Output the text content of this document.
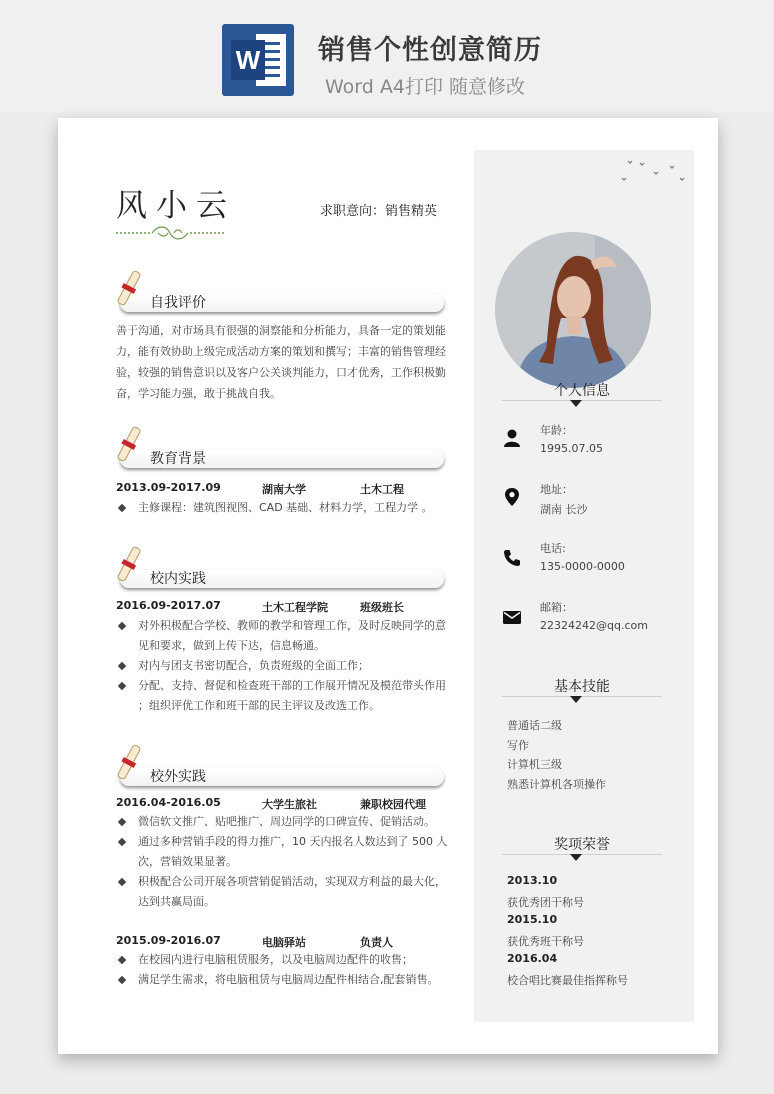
W 销售个性创意简历
Word A4打印 随意修改
风小云	求职意向：销售精英
自我评价
善于沟通，对市场具有很强的洞察能和分析能力，具备一定的策划能力，能有效协助上级完成活动方案的策划和撰写；丰富的销售管理经验，较强的销售意识以及客户公关谈判能力，口才优秀，工作积极勤奋，学习能力强，敢于挑战自我。
教育背景
2013.09-2017.09	湖南大学	土木工程
主修课程：建筑图视图、CAD 基础、材料力学，工程力学 。
校内实践
2016.09-2017.07	土木工程学院	班级班长
对外积极配合学校、教师的教学和管理工作，及时反映同学的意见和要求，做到上传下达，信息畅通。
对内与团支书密切配合，负责班级的全面工作；
分配、支持、督促和检查班干部的工作展开情况及模范带头作用 ；组织评优工作和班干部的民主评议及改选工作。
校外实践
2016.04-2016.05	大学生旅社	兼职校园代理
微信软文推广、贴吧推广、周边同学的口碑宣传、促销活动。
通过多种营销手段的得力推广，10 天内报名人数达到了 500 人次，营销效果显著。
积极配合公司开展各项营销促销活动，实现双方利益的最大化，达到共赢局面。
2015.09-2016.07	电脑驿站	负责人
在校园内进行电脑租赁服务，以及电脑周边配件的收售；
满足学生需求，将电脑租赁与电脑周边配件相结合,配套销售。
个人信息
年龄：
1995.07.05
地址：
湖南 长沙
电话:
135-0000-0000
邮箱：
22324242@qq.com
基本技能
普通话二级
写作
计算机三级
熟悉计算机各项操作
奖项荣誉
2013.10
获优秀团干称号
2015.10
获优秀班干称号
2016.04
校合唱比赛最佳指挥称号
